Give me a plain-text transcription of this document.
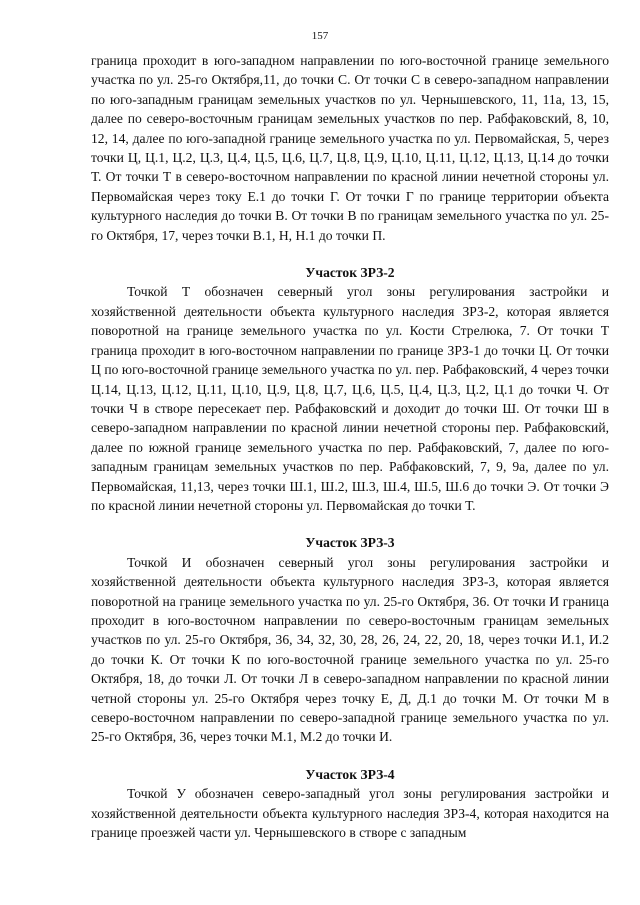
157

граница проходит в юго-западном направлении по юго-восточной границе земельного участка по ул. 25-го Октября,11, до точки С. От точки С в северо-западном направлении по юго-западным границам земельных участков по ул. Чернышевского, 11, 11а, 13, 15, далее по северо-восточным границам земельных участков по пер. Рабфаковский, 8, 10, 12, 14, далее по юго-западной границе земельного участка по ул. Первомайская, 5, через точки Ц, Ц.1, Ц.2, Ц.3, Ц.4, Ц.5, Ц.6, Ц.7, Ц.8, Ц.9, Ц.10, Ц.11, Ц.12, Ц.13, Ц.14 до точки Т. От точки Т в северо-восточном направлении по красной линии нечетной стороны ул. Первомайская через току Е.1 до точки Г. От точки Г по границе территории объекта культурного наследия до точки В. От точки В по границам земельного участка по ул. 25-го Октября, 17, через точки В.1, Н, Н.1 до точки П.

Участок ЗРЗ-2

Точкой Т обозначен северный угол зоны регулирования застройки и хозяйственной деятельности объекта культурного наследия ЗРЗ-2, которая является поворотной на границе земельного участка по ул. Кости Стрелюка, 7. От точки Т граница проходит в юго-восточном направлении по границе ЗРЗ-1 до точки Ц. От точки Ц по юго-восточной границе земельного участка по ул. пер. Рабфаковский, 4 через точки Ц.14, Ц.13, Ц.12, Ц.11, Ц.10, Ц.9, Ц.8, Ц.7, Ц.6, Ц.5, Ц.4, Ц.3, Ц.2, Ц.1 до точки Ч. От точки Ч в створе пересекает пер. Рабфаковский и доходит до точки Ш. От точки Ш в северо-западном направлении по красной линии нечетной стороны пер. Рабфаковский, далее по южной границе земельного участка по пер. Рабфаковский, 7, далее по юго-западным границам земельных участков по пер. Рабфаковский, 7, 9, 9а, далее по ул. Первомайская, 11,13, через точки Ш.1, Ш.2, Ш.3, Ш.4, Ш.5, Ш.6 до точки Э. От точки Э по красной линии нечетной стороны ул. Первомайская до точки Т.

Участок ЗРЗ-3

Точкой И обозначен северный угол зоны регулирования застройки и хозяйственной деятельности объекта культурного наследия ЗРЗ-3, которая является поворотной на границе земельного участка по ул. 25-го Октября, 36. От точки И граница проходит в юго-восточном направлении по северо-восточным границам земельных участков по ул. 25-го Октября, 36, 34, 32, 30, 28, 26, 24, 22, 20, 18, через точки И.1, И.2 до точки К. От точки К по юго-восточной границе земельного участка по ул. 25-го Октября, 18, до точки Л. От точки Л в северо-западном направлении по красной линии четной стороны ул. 25-го Октября через точку Е, Д, Д.1 до точки М. От точки М в северо-восточном направлении по северо-западной границе земельного участка по ул. 25-го Октября, 36, через точки М.1, М.2 до точки И.

Участок ЗРЗ-4

Точкой У обозначен северо-западный угол зоны регулирования застройки и хозяйственной деятельности объекта культурного наследия ЗРЗ-4, которая находится на границе проезжей части ул. Чернышевского в створе с западным
